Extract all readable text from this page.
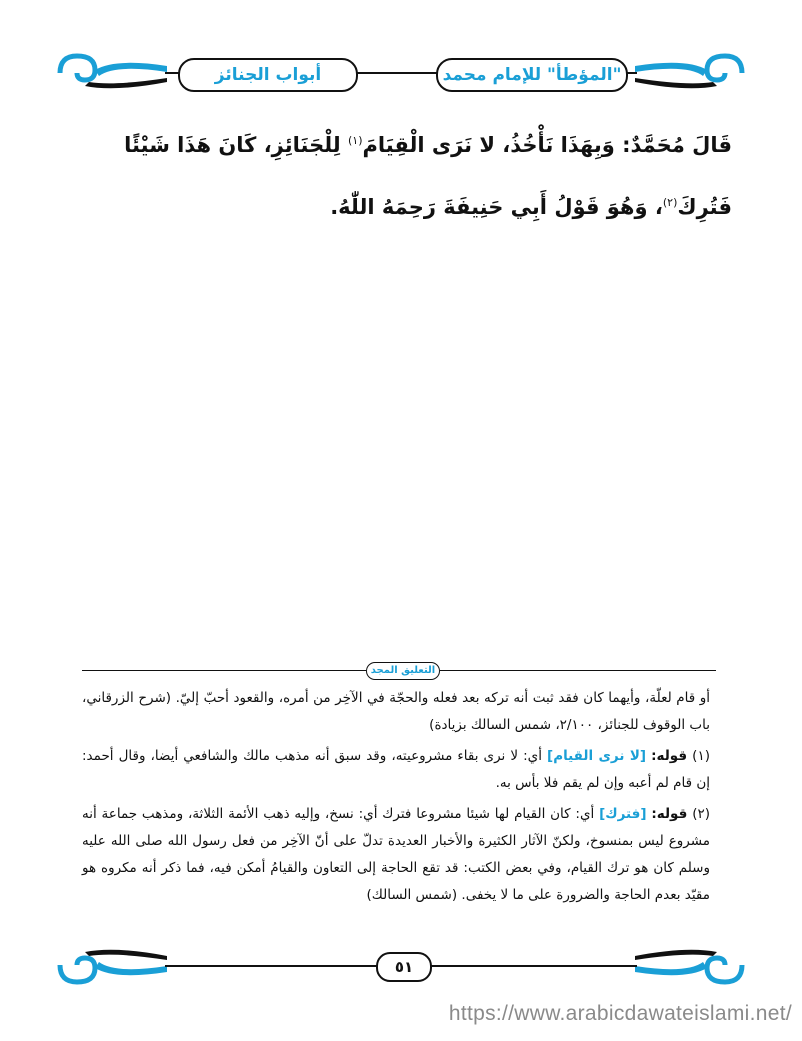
أبواب الجنائز	"المؤطأ" للإمام محمد
قَالَ مُحَمَّدٌ: وَبِهَذَا نَأْخُذُ، لا نَرَى الْقِيَامَ$^{(١)}$ لِلْجَنَائِزِ، كَانَ هَذَا شَيْئًا فَتُرِكَ$^{(٢)}$، وَهُوَ قَوْلُ أَبِي حَنِيفَةَ رَحِمَهُ اللّٰهُ.
التعليق المجد

أو قام لعلّة، وأيهما كان فقد ثبت أنه تركه بعد فعله والحجّة في الآخِر من أمره، والقعود أحبّ إليّ. (شرح الزرقاني، باب الوقوف للجنائز، ٢/١٠٠، شمس السالك بزيادة)

(١) قوله: [لا نرى القيام] أي: لا نرى بقاء مشروعيته، وقد سبق أنه مذهب مالك والشافعي أيضا، وقال أحمد: إن قام لم أعبه وإن لم يقم فلا بأس به.

(٢) قوله: [فترك] أي: كان القيام لها شيئا مشروعا فترك أي: نسخ، وإليه ذهب الأئمة الثلاثة، ومذهب جماعة أنه مشروع ليس بمنسوخ، ولكنّ الآثار الكثيرة والأخبار العديدة تدلّ على أنّ الآخِر من فعل رسول الله صلى الله عليه وسلم كان هو ترك القيام، وفي بعض الكتب: قد تقع الحاجة إلى التعاون والقيامُ أمكن فيه، فما ذكر أنه مكروه هو مقيّد بعدم الحاجة والضرورة على ما لا يخفى. (شمس السالك)

٥١
https://www.arabicdawateislami.net/
